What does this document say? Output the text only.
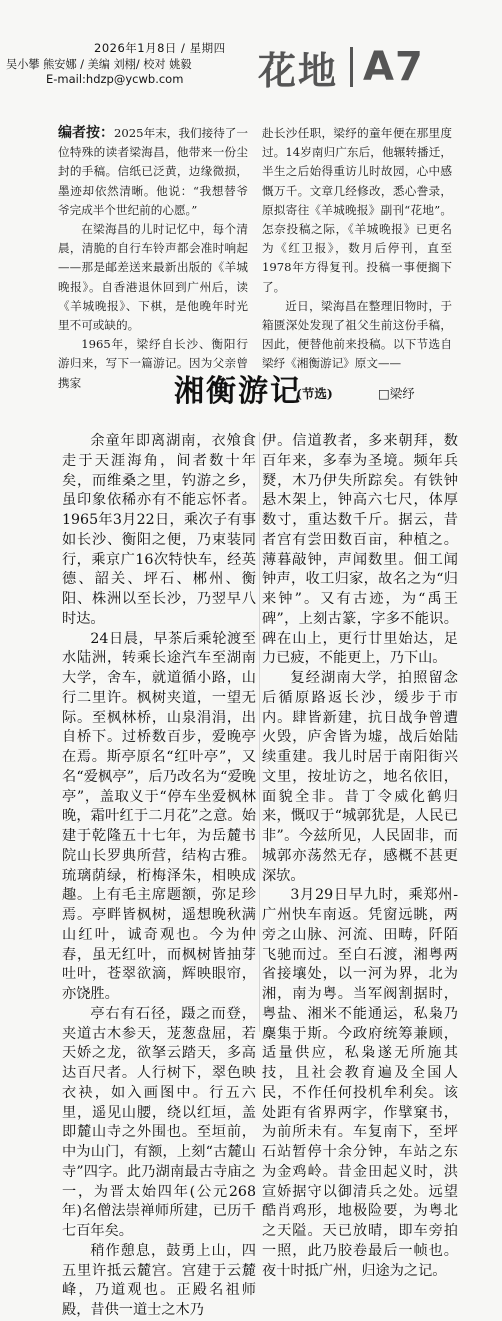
2026年1月8日 / 星期四
吴小攀 熊安娜 / 美编 刘栩/ 校对 姚毅
E-mail:hdzp@ycwb.com 花地 A7

编者按：2025年末，我们接待了一位特殊的读者梁海昌，他带来一份尘封的手稿。信纸已泛黄，边缘微损，墨迹却依然清晰。他说：“我想替爷爷完成半个世纪前的心愿。”

在梁海昌的儿时记忆中，每个清晨，清脆的自行车铃声都会准时响起——那是邮差送来最新出版的《羊城晚报》。自香港退休回到广州后，读《羊城晚报》、下棋，是他晚年时光里不可或缺的。

1965年，梁纾自长沙、衡阳行游归来，写下一篇游记。因为父亲曾携家

赴长沙任职，梁纾的童年便在那里度过。14岁南归广东后，他辗转播迁，半生之后始得重访儿时故园，心中感慨万千。文章几经修改，悉心誊录，原拟寄往《羊城晚报》副刊“花地”。怎奈投稿之际，《羊城晚报》已更名为《红卫报》，数月后停刊，直至1978年方得复刊。投稿一事便搁下了。

近日，梁海昌在整理旧物时，于箱匮深处发现了祖父生前这份手稿，因此，便替他前来投稿。以下节选自梁纾《湘衡游记》原文——

湘衡游记
(节选)	□梁纾

余童年即离湖南，衣飧食走于天涯海角，间者数十年矣，而维桑之里，钓游之乡，虽印象依稀亦有不能忘怀者。1965年3月22日，乘次子有事如长沙、衡阳之便，乃束装同行，乘京广16次特快车，经英德、韶关、坪石、郴州、衡阳、株洲以至长沙，乃翌早八时达。

24日晨，早茶后乘轮渡至水陆洲，转乘长途汽车至湖南大学，舍车，就道循小路，山行二里许。枫树夹道，一望无际。至枫林桥，山泉涓涓，出自桥下。过桥数百步，爱晚亭在焉。斯亭原名“红叶亭”，又名“爱枫亭”，后乃改名为“爱晚亭”，盖取义于“停车坐爱枫林晚，霜叶红于二月花”之意。始建于乾隆五十七年，为岳麓书院山长罗典所营，结构古雅。琉璃荫绿，桁梅泽朱，相映成趣。上有毛主席题额，弥足珍焉。亭畔皆枫树，遥想晚秋满山红叶，诚奇观也。今为仲春，虽无红叶，而枫树皆抽芽吐叶，苍翠欲滴，辉映眼帘，亦饶胜。

亭右有石径，蹑之而登，夹道古木参天，茏葱盘屈，若天娇之龙，欲拏云踏天，多高达百尺者。人行树下，翠色映衣袂，如入画图中。行五六里，遥见山腰，绕以红垣，盖即麓山寺之外围也。至垣前，中为山门，有额，上刻“古麓山寺”四字。此乃湖南最古寺庙之一，为晋太始四年(公元268年)名僧法崇禅师所建，已历千七百年矣。

稍作憩息，鼓勇上山，四五里许抵云麓宫。宫建于云麓峰，乃道观也。正殿名祖师殿，昔供一道士之木乃

伊。信道教者，多来朝拜，数百年来，多奉为圣境。频年兵燹，木乃伊失所踪矣。有铁钟悬木架上，钟高六七尺，体厚数寸，重达数千斤。据云，昔者宫有尝田数百亩，种植之。薄暮敲钟，声闻数里。佃工闻钟声，收工归家，故名之为“归来钟”。又有古迹，为“禹王碑”，上刻古篆，字多不能识。碑在山上，更行廿里始达，足力已疲，不能更上，乃下山。

复经湖南大学，拍照留念后循原路返长沙，缓步于市内。肆皆新建，抗日战争曾遭火毁，庐舍皆为墟，战后始陆续重建。我儿时居于南阳街兴文里，按址访之，地名依旧，面貌全非。昔丁令威化鹤归来，慨叹于“城郭犹是，人民已非”。今兹所见，人民固非，而城郭亦荡然无存，感概不甚更深欤。

3月29日早九时，乘郑州-广州快车南返。凭窗远眺，两旁之山脉、河流、田畴，阡陌飞驰而过。至白石渡，湘粤两省接壤处，以一河为界，北为湘，南为粤。当军阀割据时，粤盐、湘米不能通运，私枭乃麇集于斯。今政府统筹兼顾，适量供应，私枭遂无所施其技，且社会教育遍及全国人民，不作任何投机牟利矣。该处距有省界两字，作擘窠书，为前所未有。车复南下，至坪石站暂停十余分钟，车站之东为金鸡岭。昔金田起义时，洪宣娇据守以御清兵之处。远望酷肖鸡形，地极险要，为粤北之天隘。天已放晴，即车旁拍一照，此乃胶卷最后一帧也。夜十时抵广州，归途为之记。
